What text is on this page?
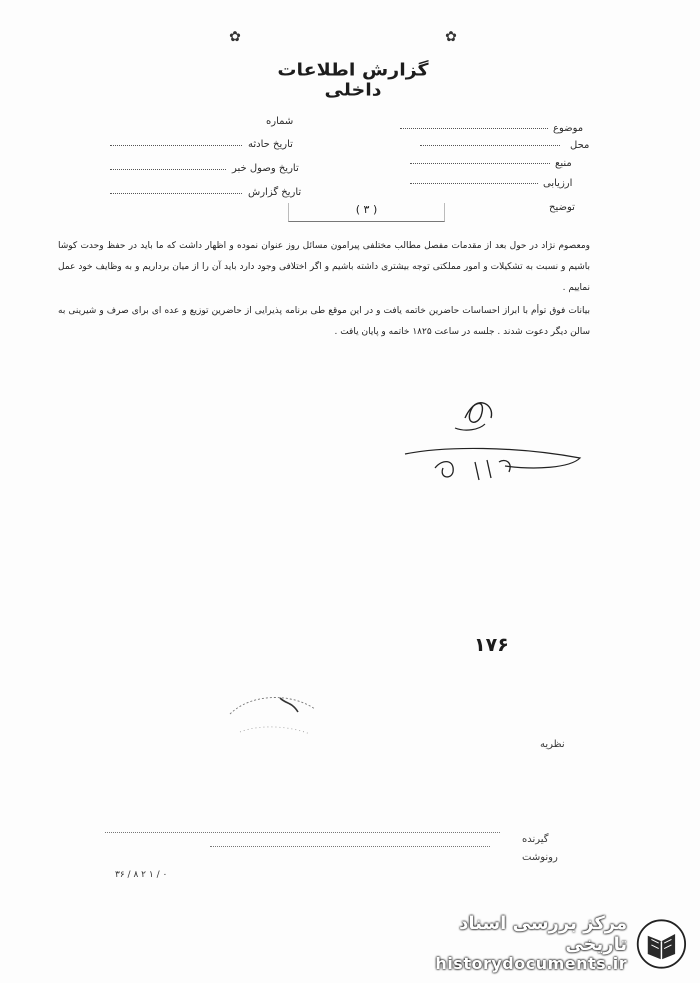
✿	✿
گزارش اطلاعات داخلی
موضوع
محل
منبع
ارزیابی
توضیح
شماره
تاریخ حادثه
تاریخ وصول خبر
تاریخ گزارش
( ۳ )
ومعصوم نژاد در حول بعد از مقدمات مفصل مطالب مختلفی پیرامون مسائل روز عنوان نموده و اظهار داشت که ما باید در حفظ وحدت کوشا باشیم و نسبت به تشکیلات و امور مملکتی توجه بیشتری داشته باشیم و اگر اختلافی وجود دارد باید آن را از میان برداریم و به وظایف خود عمل نماییم .
بیانات فوق توأم با ابراز احساسات حاضرین خاتمه یافت و در این موقع طی برنامه پذیرایی از حاضرین توزیع و عده ای برای صرف و شیرینی به سالن دیگر دعوت شدند . جلسه در ساعت ۱۸۲۵ خاتمه و پایان یافت .
۱۷۶
نظریه
گیرنده
رونوشت
۰ / ۱ ۲ ۸ / ۳۶
مرکز بررسی اسناد تاریخی
historydocuments.ir
